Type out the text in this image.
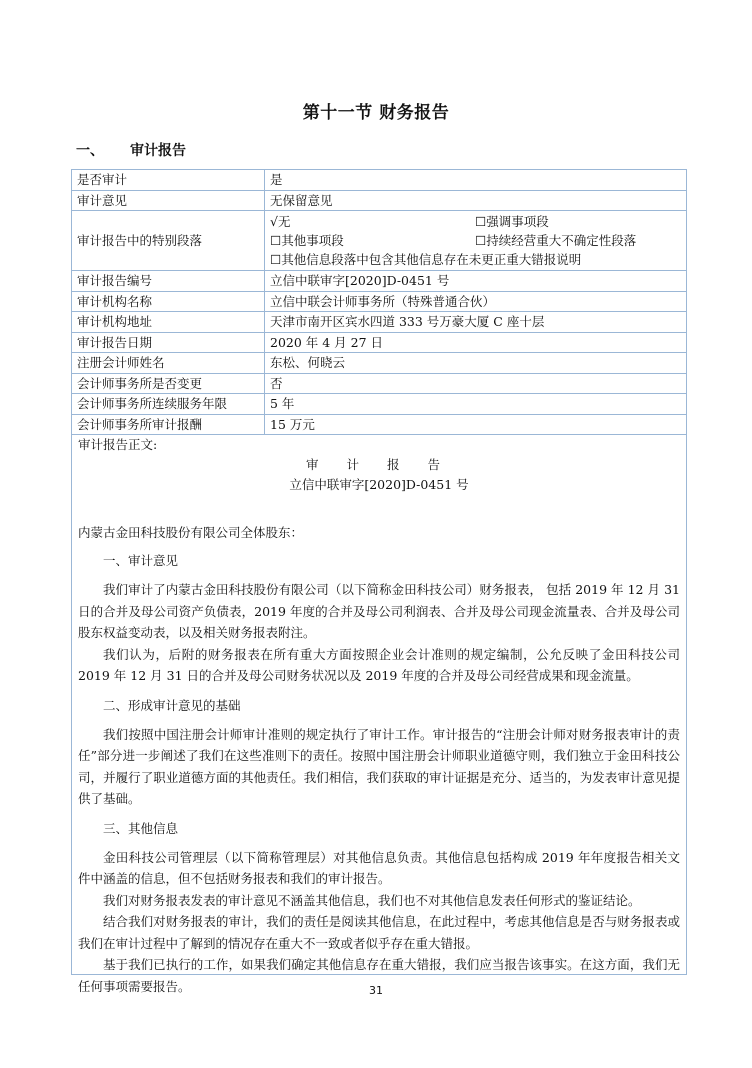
第十一节 财务报告
一、 审计报告
是否审计	是
审计意见	无保留意见
审计报告中的特别段落	√无 ☐强调事项段
☐其他事项段 ☐持续经营重大不确定性段落
☐其他信息段落中包含其他信息存在未更正重大错报说明

审计报告编号	立信中联审字[2020]D-0451 号
审计机构名称	立信中联会计师事务所（特殊普通合伙）
审计机构地址	天津市南开区宾水四道 333 号万豪大厦 C 座十层
审计报告日期	2020 年 4 月 27 日
注册会计师姓名	东松、何晓云
会计师事务所是否变更	否
会计师事务所连续服务年限	5 年
会计师事务所审计报酬	15 万元
审计报告正文:
审 计 报 告
立信中联审字[2020]D-0451 号
内蒙古金田科技股份有限公司全体股东：
一、审计意见

我们审计了内蒙古金田科技股份有限公司（以下简称金田科技公司）财务报表， 包括 2019 年 12 月 31 日的合并及母公司资产负债表，2019 年度的合并及母公司利润表、合并及母公司现金流量表、合并及母公司股东权益变动表，以及相关财务报表附注。

我们认为，后附的财务报表在所有重大方面按照企业会计准则的规定编制，公允反映了金田科技公司 2019 年 12 月 31 日的合并及母公司财务状况以及 2019 年度的合并及母公司经营成果和现金流量。

二、形成审计意见的基础

我们按照中国注册会计师审计准则的规定执行了审计工作。审计报告的“注册会计师对财务报表审计的责任”部分进一步阐述了我们在这些准则下的责任。按照中国注册会计师职业道德守则，我们独立于金田科技公司，并履行了职业道德方面的其他责任。我们相信，我们获取的审计证据是充分、适当的，为发表审计意见提供了基础。

三、其他信息

金田科技公司管理层（以下简称管理层）对其他信息负责。其他信息包括构成 2019 年年度报告相关文件中涵盖的信息，但不包括财务报表和我们的审计报告。

我们对财务报表发表的审计意见不涵盖其他信息，我们也不对其他信息发表任何形式的鉴证结论。

结合我们对财务报表的审计，我们的责任是阅读其他信息，在此过程中，考虑其他信息是否与财务报表或我们在审计过程中了解到的情况存在重大不一致或者似乎存在重大错报。

基于我们已执行的工作，如果我们确定其他信息存在重大错报，我们应当报告该事实。在这方面，我们无任何事项需要报告。	31
